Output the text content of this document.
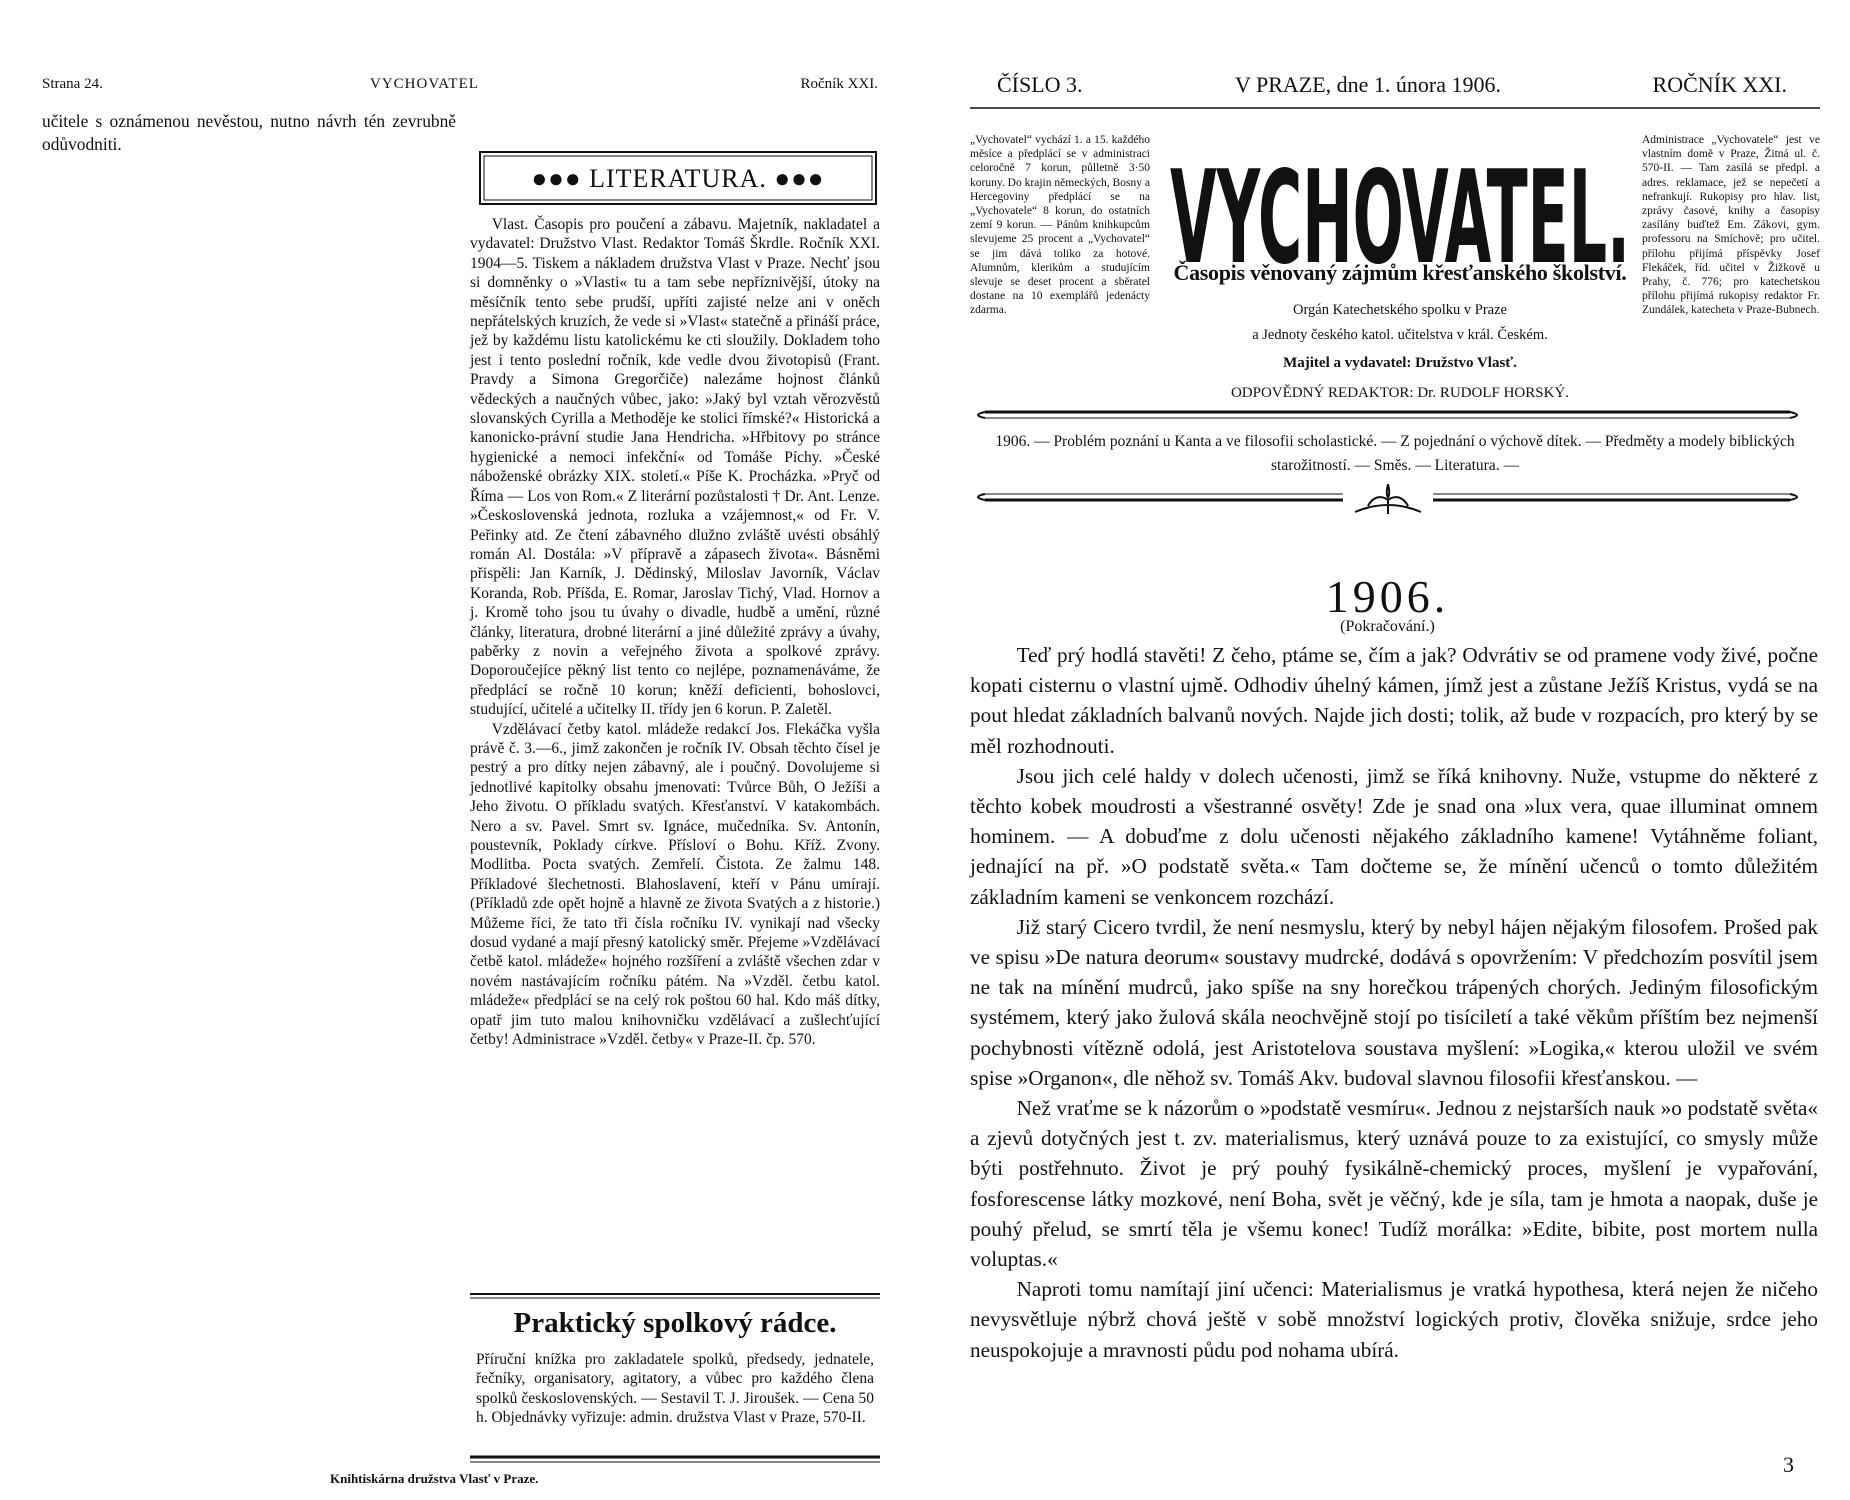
Strana 24.	VYCHOVATEL	Ročník XXI.

učitele s oznámenou nevěstou, nutno návrh tén zevrubně odůvodniti.

●●● LITERATURA. ●●●

Vlast. Časopis pro poučení a zábavu. Majetník, nakladatel a vydavatel: Družstvo Vlast. Redaktor Tomáš Škrdle. Ročník XXI. 1904—5. Tiskem a nákladem družstva Vlast v Praze. Nechť jsou si domněnky o »Vlasti« tu a tam sebe nepříznivější, útoky na měsíčník tento sebe prudší, upříti zajisté nelze ani v oněch nepřátelských kruzích, že vede si »Vlast« statečně a přináší práce, jež by každému listu katolickému ke cti sloužily. Dokladem toho jest i tento poslední ročník, kde vedle dvou životopisů (Frant. Pravdy a Simona Gregorčiče) nalezáme hojnost článků vědeckých a naučných vůbec, jako: »Jaký byl vztah věrozvěstů slovanských Cyrilla a Methoděje ke stolici římské?« Historická a kanonicko-právní studie Jana Hendricha. »Hřbitovy po stránce hygienické a nemoci infekční« od Tomáše Píchy. »České náboženské obrázky XIX. století.« Píše K. Procházka. »Pryč od Říma — Los von Rom.« Z literární pozůstalosti † Dr. Ant. Lenze. »Československá jednota, rozluka a vzájemnost,« od Fr. V. Peřinky atd. Ze čtení zábavného dlužno zvláště uvésti obsáhlý román Al. Dostála: »V přípravě a zápasech života«. Básněmi přispěli: Jan Karník, J. Dědinský, Miloslav Javorník, Václav Koranda, Rob. Příšda, E. Romar, Jaroslav Tichý, Vlad. Hornov a j. Kromě toho jsou tu úvahy o divadle, hudbě a umění, různé články, literatura, drobné literární a jiné důležité zprávy a úvahy, paběrky z novin a veřejného života a spolkové zprávy. Doporoučejíce pěkný list tento co nejlépe, poznamenáváme, že předplácí se ročně 10 korun; kněží deficienti, bohoslovci, studující, učitelé a učitelky II. třídy jen 6 korun. P. Zaletěl.

Vzdělávací četby katol. mládeže redakcí Jos. Flekáčka vyšla právě č. 3.—6., jimž zakončen je ročník IV. Obsah těchto čísel je pestrý a pro dítky nejen zábavný, ale i poučný. Dovolujeme si jednotlivé kapitolky obsahu jmenovati: Tvůrce Bůh, O Ježíši a Jeho životu. O příkladu svatých. Křesťanství. V katakombách. Nero a sv. Pavel. Smrt sv. Ignáce, mučedníka. Sv. Antonín, poustevník, Poklady církve. Přísloví o Bohu. Kříž. Zvony. Modlitba. Pocta svatých. Zemřelí. Čistota. Ze žalmu 148. Příkladové šlechetnosti. Blahoslavení, kteří v Pánu umírají. (Příkladů zde opět hojně a hlavně ze života Svatých a z historie.) Můžeme říci, že tato tři čísla ročníku IV. vynikají nad všecky dosud vydané a mají přesný katolický směr. Přejeme »Vzdělávací četbě katol. mládeže« hojného rozšíření a zvláště všechen zdar v novém nastávajícím ročníku pátém. Na »Vzděl. četbu katol. mládeže« předplácí se na celý rok poštou 60 hal. Kdo máš dítky, opatř jim tuto malou knihovničku vzdělávací a zušlechťující četby! Administrace »Vzděl. četby« v Praze-II. čp. 570.

Praktický spolkový rádce.
Příruční knížka pro zakladatele spolků, předsedy, jednatele, řečníky, organisatory, agitatory, a vůbec pro každého člena spolků československých. — Sestavil T. J. Jiroušek. — Cena 50 h. Objednávky vyřizuje: admin. družstva Vlast v Praze, 570-II.
Knihtiskárna družstva Vlasť v Praze.
ČÍSLO 3.	V PRAZE, dne 1. února 1906.	ROČNÍK XXI.

„Vychovatel“ vychází 1. a 15. každého měsíce a předplácí se v administraci celoročně 7 korun, půlletně 3·50 koruny. Do krajin německých, Bosny a Hercegoviny předplácí se na „Vychovatele“ 8 korun, do ostatních zemí 9 korun. — Pánům knihkupcům slevujeme 25 procent a „Vychovatel“ se jim dává toliko za hotové. Alumnům, klerikům a studujícím slevuje se deset procent a sběratel dostane na 10 exemplářů jedenácty zdarma.

VYCHOVATEL.
Časopis věnovaný zájmům křesťanského školství.
Orgán Katechetského spolku v Praze
a Jednoty českého katol. učitelstva v král. Českém.
Majitel a vydavatel: Družstvo Vlasť.
ODPOVĚDNÝ REDAKTOR: Dr. RUDOLF HORSKÝ.

Administrace „Vychovatele“ jest ve vlastním domě v Praze, Žitná ul. č. 570-II. — Tam zasílá se předpl. a adres. reklamace, jež se nepečetí a nefrankují. Rukopisy pro hlav. list, zprávy časové, knihy a časopisy zasílány buďtež Em. Zákovi, gym. professoru na Smíchově; pro učitel. přílohu přijímá příspěvky Josef Flekáček, říd. učitel v Žižkově u Prahy, č. 776; pro katechetskou přílohu přijímá rukopisy redaktor Fr. Zundálek, katecheta v Praze-Bubnech.

1906. — Problém poznání u Kanta a ve filosofii scholastické. — Z pojednání o výchově dítek. — Předměty a modely biblických starožitností. — Směs. — Literatura. —
1906.
(Pokračování.)

Teď prý hodlá stavěti! Z čeho, ptáme se, čím a jak? Odvrátiv se od pramene vody živé, počne kopati cisternu o vlastní ujmě. Odhodiv úhelný kámen, jímž jest a zůstane Ježíš Kristus, vydá se na pout hledat základních balvanů nových. Najde jich dosti; tolik, až bude v rozpacích, pro který by se měl rozhodnouti.

Jsou jich celé haldy v dolech učenosti, jimž se říká knihovny. Nuže, vstupme do některé z těchto kobek moudrosti a všestranné osvěty! Zde je snad ona »lux vera, quae illuminat omnem hominem. — A dobuďme z dolu učenosti nějakého základního kamene! Vytáhněme foliant, jednající na př. »O podstatě světa.« Tam dočteme se, že mínění učenců o tomto důležitém základním kameni se venkoncem rozchází.

Již starý Cicero tvrdil, že není nesmyslu, který by nebyl hájen nějakým filosofem. Prošed pak ve spisu »De natura deorum« soustavy mudrcké, dodává s opovržením: V předchozím posvítil jsem ne tak na mínění mudrců, jako spíše na sny horečkou trápených chorých. Jediným filosofickým systémem, který jako žulová skála neochvějně stojí po tisíciletí a také věkům příštím bez nejmenší pochybnosti vítězně odolá, jest Aristotelova soustava myšlení: »Logika,« kterou uložil ve svém spise »Organon«, dle něhož sv. Tomáš Akv. budoval slavnou filosofii křesťanskou. —

Než vraťme se k názorům o »podstatě vesmíru«. Jednou z nejstarších nauk »o podstatě světa« a zjevů dotyčných jest t. zv. materialismus, který uznává pouze to za existující, co smysly může býti postřehnuto. Život je prý pouhý fysikálně-chemický proces, myšlení je vypařování, fosforescense látky mozkové, není Boha, svět je věčný, kde je síla, tam je hmota a naopak, duše je pouhý přelud, se smrtí těla je všemu konec! Tudíž morálka: »Edite, bibite, post mortem nulla voluptas.«

Naproti tomu namítají jiní učenci: Materialismus je vratká hypothesa, která nejen že ničeho nevysvětluje nýbrž chová ještě v sobě množství logických protiv, člověka snižuje, srdce jeho neuspokojuje a mravnosti půdu pod nohama ubírá.

3
